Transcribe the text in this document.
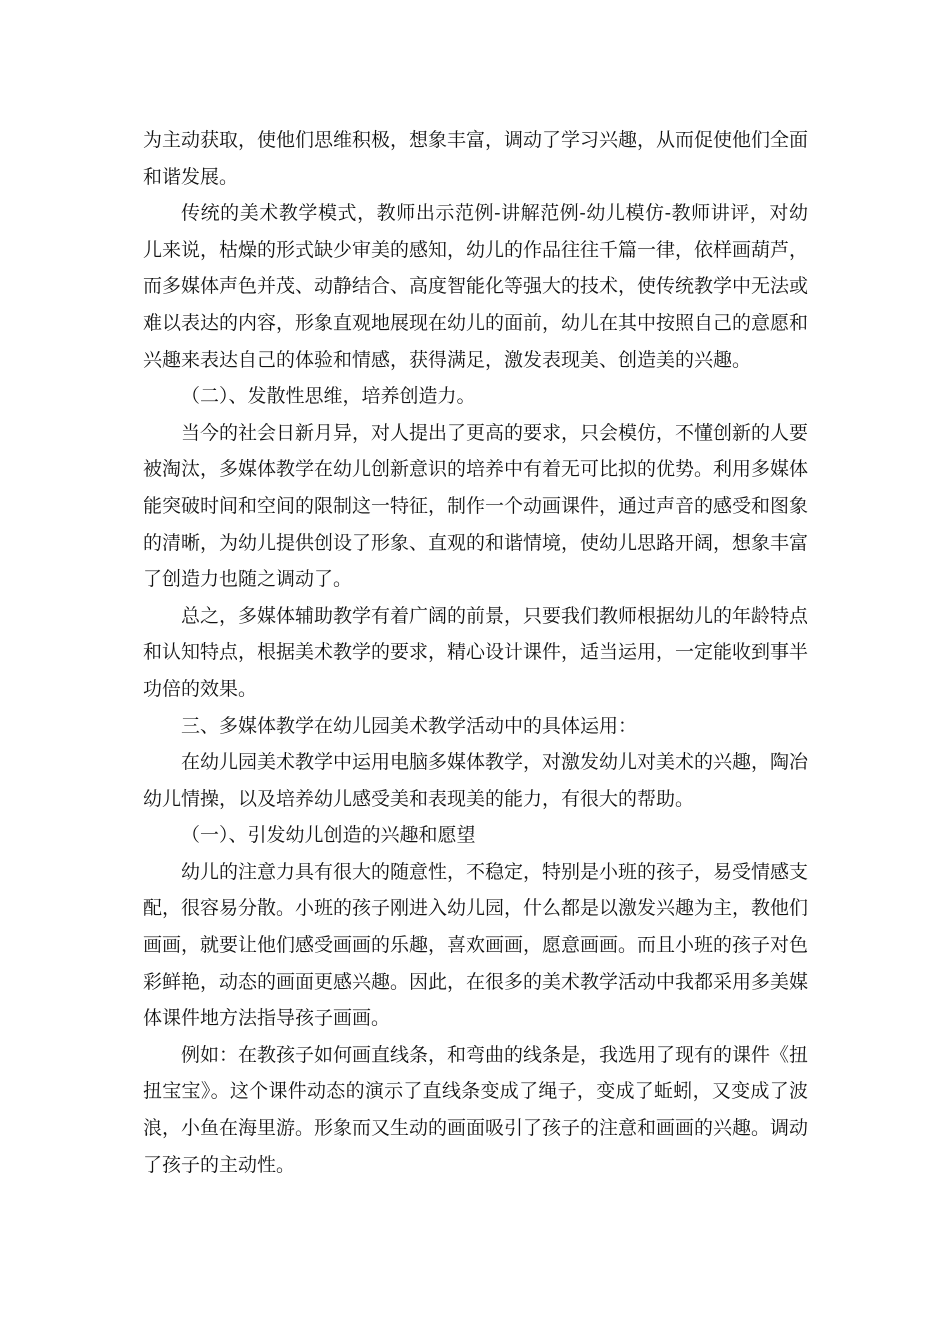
为主动获取，使他们思维积极，想象丰富，调动了学习兴趣，从而促使他们全面和谐发展。

传统的美术教学模式，教师出示范例-讲解范例-幼儿模仿-教师讲评，对幼儿来说，枯燥的形式缺少审美的感知，幼儿的作品往往千篇一律，依样画葫芦，而多媒体声色并茂、动静结合、高度智能化等强大的技术，使传统教学中无法或难以表达的内容，形象直观地展现在幼儿的面前，幼儿在其中按照自己的意愿和兴趣来表达自己的体验和情感，获得满足，激发表现美、创造美的兴趣。

（二）、发散性思维，培养创造力。

当今的社会日新月异，对人提出了更高的要求，只会模仿，不懂创新的人要被淘汰，多媒体教学在幼儿创新意识的培养中有着无可比拟的优势。利用多媒体能突破时间和空间的限制这一特征，制作一个动画课件，通过声音的感受和图象的清晰，为幼儿提供创设了形象、直观的和谐情境，使幼儿思路开阔，想象丰富了创造力也随之调动了。

总之，多媒体辅助教学有着广阔的前景，只要我们教师根据幼儿的年龄特点和认知特点，根据美术教学的要求，精心设计课件，适当运用，一定能收到事半功倍的效果。

三、多媒体教学在幼儿园美术教学活动中的具体运用：

在幼儿园美术教学中运用电脑多媒体教学，对激发幼儿对美术的兴趣，陶冶幼儿情操，以及培养幼儿感受美和表现美的能力，有很大的帮助。

（一）、引发幼儿创造的兴趣和愿望

幼儿的注意力具有很大的随意性，不稳定，特别是小班的孩子，易受情感支配，很容易分散。小班的孩子刚进入幼儿园，什么都是以激发兴趣为主，教他们画画，就要让他们感受画画的乐趣，喜欢画画，愿意画画。而且小班的孩子对色彩鲜艳，动态的画面更感兴趣。因此，在很多的美术教学活动中我都采用多美媒体课件地方法指导孩子画画。

例如：在教孩子如何画直线条，和弯曲的线条是，我选用了现有的课件《扭扭宝宝》。这个课件动态的演示了直线条变成了绳子，变成了蚯蚓，又变成了波浪，小鱼在海里游。形象而又生动的画面吸引了孩子的注意和画画的兴趣。调动了孩子的主动性。
